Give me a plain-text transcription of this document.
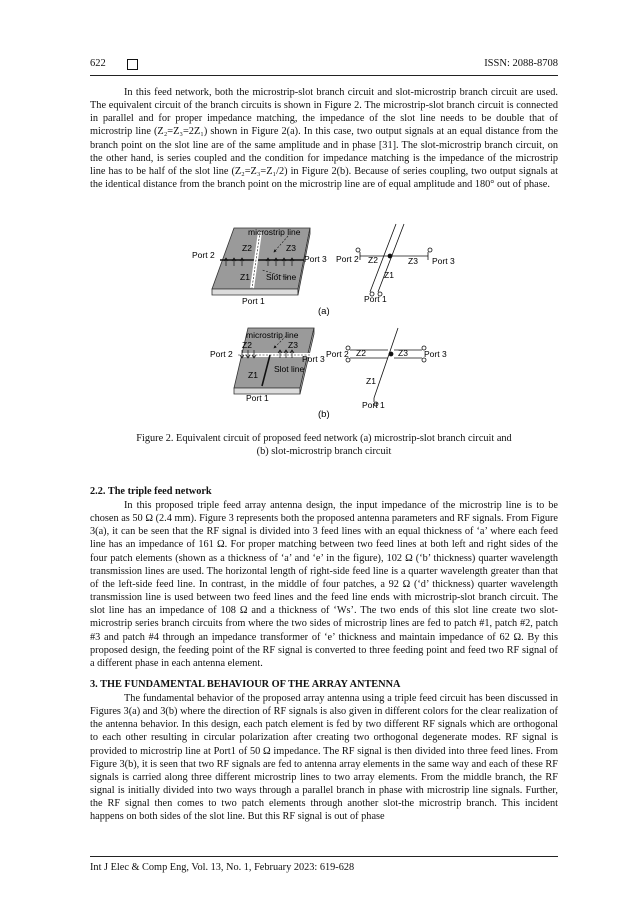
622	ISSN: 2088-8708

In this feed network, both the microstrip-slot branch circuit and slot-microstrip branch circuit are used. The equivalent circuit of the branch circuits is shown in Figure 2. The microstrip-slot branch circuit is connected in parallel and for proper impedance matching, the impedance of the slot line needs to be double that of microstrip line (Z₂=Z₃=2Z₁) shown in Figure 2(a). In this case, two output signals at an equal distance from the branch point on the slot line are of the same amplitude and in phase [31]. The slot-microstrip branch circuit, on the other hand, is series coupled and the condition for impedance matching is the impedance of the microstrip line has to be half of the slot line (Z₂=Z₃=Z₁/2) in Figure 2(b). Because of series coupling, two output signals at the identical distance from the branch point on the microstrip line are of equal amplitude and 180° out of phase.

microstrip line
Z2	Z3
Z1 Slot line
Port 2	Port 3
Port 1
Port 2 Z2	Z3
Z1
Port 3
Port 1
(a)
microstrip line
Z2	Z3
Z1
Slot line
Port 2	Port 3
Port 1
Port 2 Z2	Z3
Z1
Port 3
Port 1
(b)

Figure 2. Equivalent circuit of proposed feed network (a) microstrip-slot branch circuit and
(b) slot-microstrip branch circuit

2.2. The triple feed network

In this proposed triple feed array antenna design, the input impedance of the microstrip line is to be chosen as 50 Ω (2.4 mm). Figure 3 represents both the proposed antenna parameters and RF signals. From Figure 3(a), it can be seen that the RF signal is divided into 3 feed lines with an equal thickness of ‘a’ where each feed line has an impedance of 161 Ω. For proper matching between two feed lines at both left and right sides of the four patch elements (shown as a thickness of ‘a’ and ‘e’ in the figure), 102 Ω (‘b’ thickness) quarter wavelength transmission lines are used. The horizontal length of right-side feed line is a quarter wavelength greater than that of the left-side feed line. In contrast, in the middle of four patches, a 92 Ω (‘d’ thickness) quarter wavelength transmission line is used between two feed lines and the feed line ends with microstrip-slot branch circuit. The slot line has an impedance of 108 Ω and a thickness of ‘Ws’. The two ends of this slot line create two slot-microstrip series branch circuits from where the two sides of microstrip lines are fed to patch #1, patch #2, patch #3 and patch #4 through an impedance transformer of ‘e’ thickness and maintain impedance of 62 Ω. By this proposed design, the feeding point of the RF signal is converted to three feeding point and feed two RF signal of a different phase in each antenna element.

3. THE FUNDAMENTAL BEHAVIOUR OF THE ARRAY ANTENNA

The fundamental behavior of the proposed array antenna using a triple feed circuit has been discussed in Figures 3(a) and 3(b) where the direction of RF signals is also given in different colors for the clear realization of the antenna behavior. In this design, each patch element is fed by two different RF signals which are orthogonal to each other resulting in circular polarization after creating two orthogonal degenerate modes. RF signal is provided to microstrip line at Port1 of 50 Ω impedance. The RF signal is then divided into three feed lines. From Figure 3(b), it is seen that two RF signals are fed to antenna array elements in the same way and each of these RF signals is carried along three different microstrip lines to two array elements. From the middle branch, the RF signal is initially divided into two ways through a parallel branch in phase with microstrip line signals. Further, the RF signal then comes to two patch elements through another slot-the microstrip branch. This incident happens on both sides of the slot line. But this RF signal is out of phase

Int J Elec & Comp Eng, Vol. 13, No. 1, February 2023: 619-628
